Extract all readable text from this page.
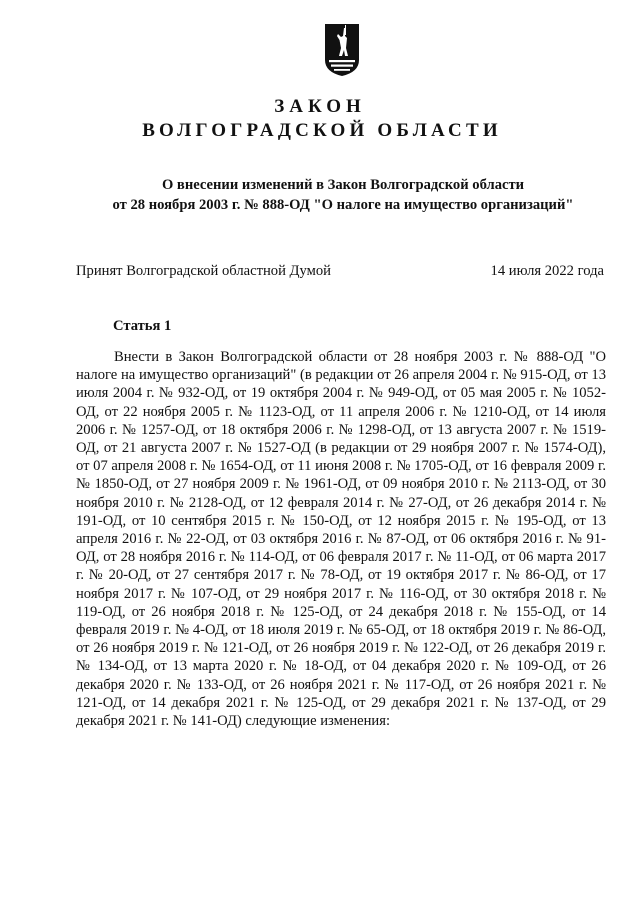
ЗАКОН
ВОЛГОГРАДСКОЙ ОБЛАСТИ
О внесении изменений в Закон Волгоградской области
от 28 ноября 2003 г. № 888-ОД "О налоге на имущество организаций"
Принят Волгоградской областной Думой	14 июля 2022 года
Статья 1

Внести в Закон Волгоградской области от 28 ноября 2003 г. № 888-ОД "О налоге на имущество организаций" (в редакции от 26 апреля 2004 г. № 915-ОД, от 13 июля 2004 г. № 932-ОД, от 19 октября 2004 г. № 949-ОД, от 05 мая 2005 г. № 1052-ОД, от 22 ноября 2005 г. № 1123-ОД, от 11 апреля 2006 г. № 1210-ОД, от 14 июля 2006 г. № 1257-ОД, от 18 октября 2006 г. № 1298-ОД, от 13 августа 2007 г. № 1519-ОД, от 21 августа 2007 г. № 1527-ОД (в редакции от 29 ноября 2007 г. № 1574-ОД), от 07 апреля 2008 г. № 1654-ОД, от 11 июня 2008 г. № 1705-ОД, от 16 февраля 2009 г. № 1850-ОД, от 27 ноября 2009 г. № 1961-ОД, от 09 ноября 2010 г. № 2113-ОД, от 30 ноября 2010 г. № 2128-ОД, от 12 февраля 2014 г. № 27-ОД, от 26 декабря 2014 г. № 191-ОД, от 10 сентября 2015 г. № 150-ОД, от 12 ноября 2015 г. № 195-ОД, от 13 апреля 2016 г. № 22-ОД, от 03 октября 2016 г. № 87-ОД, от 06 октября 2016 г. № 91-ОД, от 28 ноября 2016 г. № 114-ОД, от 06 февраля 2017 г. № 11-ОД, от 06 марта 2017 г. № 20-ОД, от 27 сентября 2017 г. № 78-ОД, от 19 октября 2017 г. № 86-ОД, от 17 ноября 2017 г. № 107-ОД, от 29 ноября 2017 г. № 116-ОД, от 30 октября 2018 г. № 119-ОД, от 26 ноября 2018 г. № 125-ОД, от 24 декабря 2018 г. № 155-ОД, от 14 февраля 2019 г. № 4-ОД, от 18 июля 2019 г. № 65-ОД, от 18 октября 2019 г. № 86-ОД, от 26 ноября 2019 г. № 121-ОД, от 26 ноября 2019 г. № 122-ОД, от 26 декабря 2019 г. № 134-ОД, от 13 марта 2020 г. № 18-ОД, от 04 декабря 2020 г. № 109-ОД, от 26 декабря 2020 г. № 133-ОД, от 26 ноября 2021 г. № 117-ОД, от 26 ноября 2021 г. № 121-ОД, от 14 декабря 2021 г. № 125-ОД, от 29 декабря 2021 г. № 137-ОД, от 29 декабря 2021 г. № 141-ОД) следующие изменения:
